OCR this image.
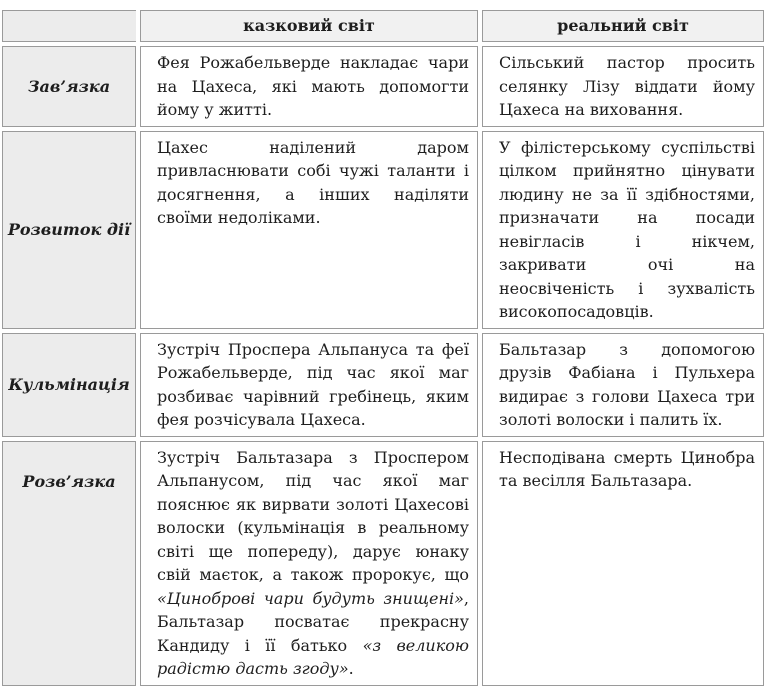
		казковий світ		реальний світ
Зав’язка		Фея Рожабельверде накладає чари на Цахеса, які мають допомогти йому у житті.		Сільський пастор просить селянку Лізу віддати йому Цахеса на виховання.
Розвиток дії		Цахес наділений даром привласнювати собі чужі таланти і досягнення, а інших наділяти своїми недоліками.		У філістерському суспільстві цілком прийнятно цінувати людину не за її здібностями, призначати на посади невігласів і нікчем, закривати очі на неосвіченість і зухвалість високопосадовців.
Кульмінація		Зустріч Проспера Альпануса та феї Рожабельверде, під час якої маг розбиває чарівний гребінець, яким фея розчісувала Цахеса.		Бальтазар з допомогою друзів Фабіана і Пульхера видирає з голови Цахеса три золоті волоски і палить їх.
Розв’язка		Зустріч Бальтазара з Проспером Альпанусом, під час якої маг пояснює як вирвати золоті Цахесові волоски (кульмінація в реальному світі ще попереду), дарує юнаку свій маєток, а також пророкує, що «Циноброві чари будуть знищені», Бальтазар посватає прекрасну Кандиду і її батько «з великою радістю дасть згоду».		Несподівана смерть Цинобра та весілля Бальтазара.
